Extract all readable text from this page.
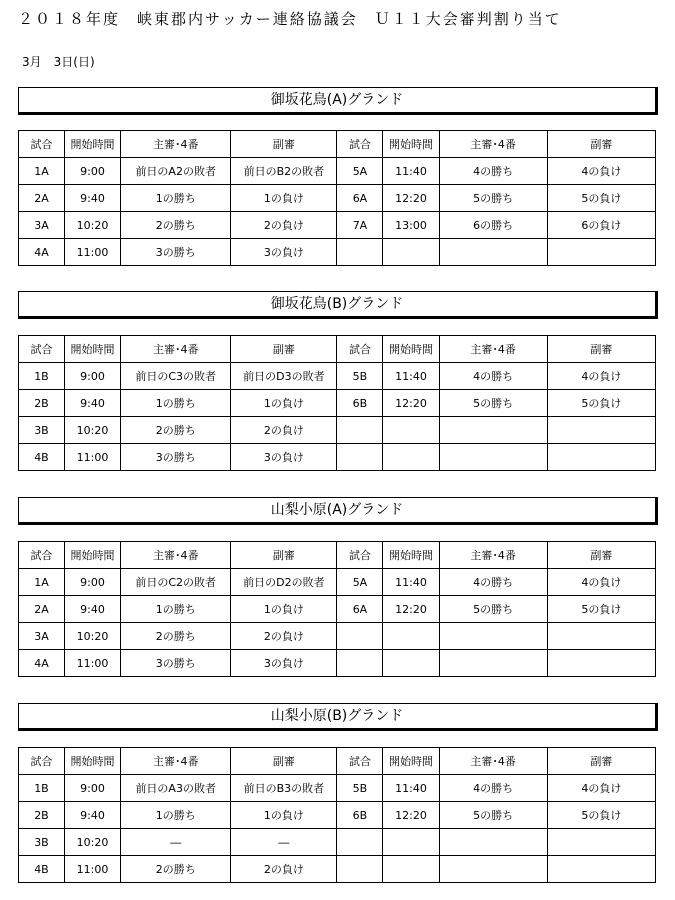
２０１８年度　峡東郡内サッカー連絡協議会　Ｕ１１大会審判割り当て
3月　3日(日)
御坂花鳥(A)グランド
試合	開始時間	主審･4番	副審	試合	開始時間	主審･4番	副審
1A	9:00	前日のA2の敗者	前日のB2の敗者	5A	11:40	4の勝ち	4の負け
2A	9:40	1の勝ち	1の負け	6A	12:20	5の勝ち	5の負け
3A	10:20	2の勝ち	2の負け	7A	13:00	6の勝ち	6の負け
4A	11:00	3の勝ち	3の負け				
御坂花鳥(B)グランド
試合	開始時間	主審･4番	副審	試合	開始時間	主審･4番	副審
1B	9:00	前日のC3の敗者	前日のD3の敗者	5B	11:40	4の勝ち	4の負け
2B	9:40	1の勝ち	1の負け	6B	12:20	5の勝ち	5の負け
3B	10:20	2の勝ち	2の負け				
4B	11:00	3の勝ち	3の負け				
山梨小原(A)グランド
試合	開始時間	主審･4番	副審	試合	開始時間	主審･4番	副審
1A	9:00	前日のC2の敗者	前日のD2の敗者	5A	11:40	4の勝ち	4の負け
2A	9:40	1の勝ち	1の負け	6A	12:20	5の勝ち	5の負け
3A	10:20	2の勝ち	2の負け				
4A	11:00	3の勝ち	3の負け				
山梨小原(B)グランド
試合	開始時間	主審･4番	副審	試合	開始時間	主審･4番	副審
1B	9:00	前日のA3の敗者	前日のB3の敗者	5B	11:40	4の勝ち	4の負け
2B	9:40	1の勝ち	1の負け	6B	12:20	5の勝ち	5の負け
3B	10:20	―	―				
4B	11:00	2の勝ち	2の負け				
